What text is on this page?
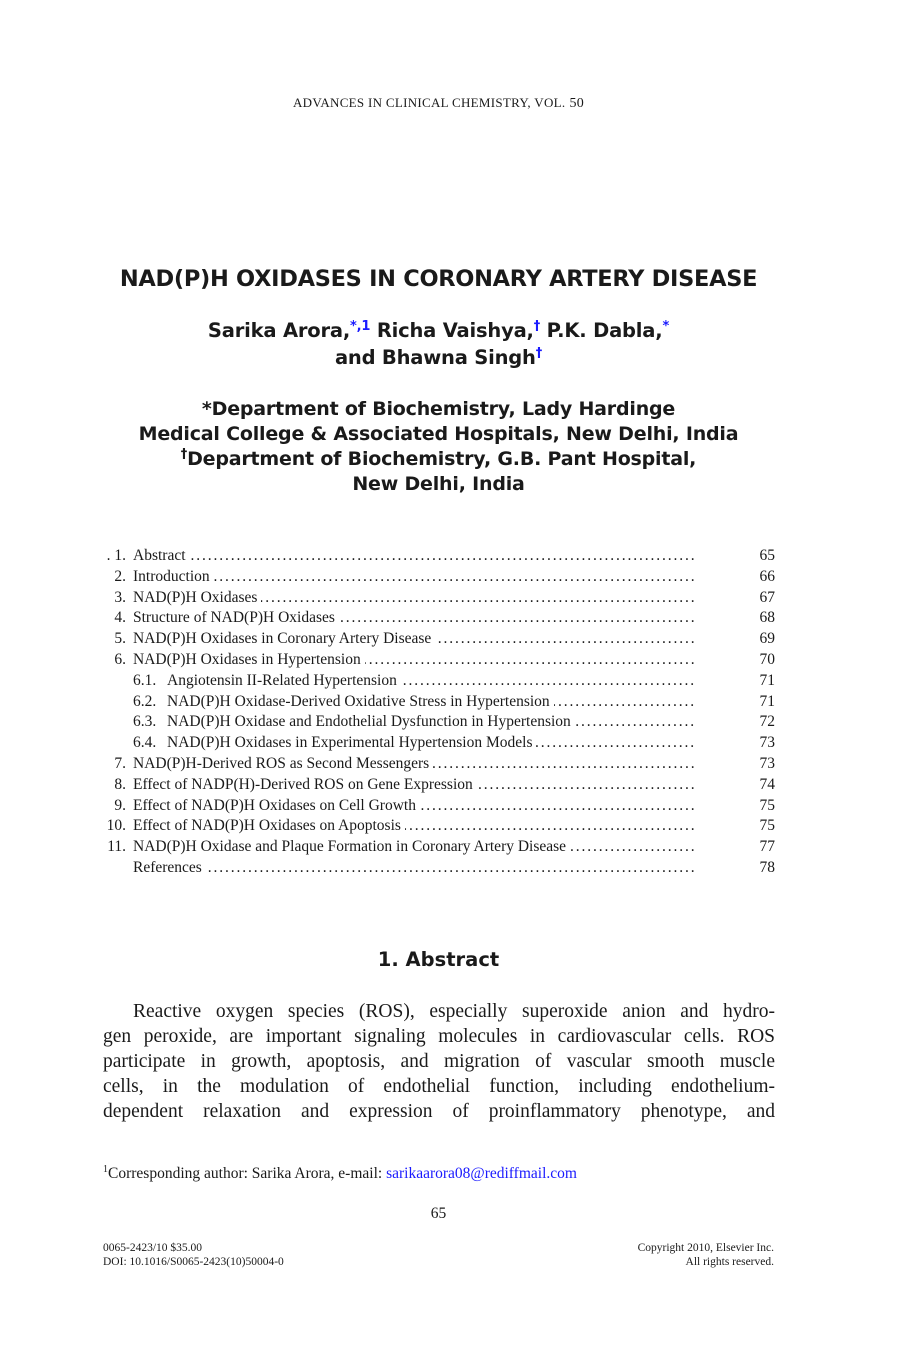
ADVANCES IN CLINICAL CHEMISTRY, VOL. 50
NAD(P)H OXIDASES IN CORONARY ARTERY DISEASE
Sarika Arora,$^{*,1}$ Richa Vaishya,† P.K. Dabla,*
and Bhawna Singh†
*Department of Biochemistry, Lady Hardinge
Medical College & Associated Hospitals, New Delhi, India
†Department of Biochemistry, G.B. Pant Hospital,
New Delhi, India
. 1. Abstract . . .	65
2. Introduction . . .	66
3. NAD(P)H Oxidases . . .	67
4. Structure of NAD(P)H Oxidases . . .	68
5. NAD(P)H Oxidases in Coronary Artery Disease . . .	69
6. NAD(P)H Oxidases in Hypertension . . .	70
6.1. Angiotensin II-Related Hypertension . . .	71
6.2. NAD(P)H Oxidase-Derived Oxidative Stress in Hypertension . . .	71
6.3. NAD(P)H Oxidase and Endothelial Dysfunction in Hypertension . . .	72
6.4. NAD(P)H Oxidases in Experimental Hypertension Models . . .	73
7. NAD(P)H-Derived ROS as Second Messengers . . .	73
8. Effect of NADP(H)-Derived ROS on Gene Expression . . .	74
9. Effect of NAD(P)H Oxidases on Cell Growth . . .	75
10. Effect of NAD(P)H Oxidases on Apoptosis . . .	75
11. NAD(P)H Oxidase and Plaque Formation in Coronary Artery Disease . . .	77
References . . .	78
1. Abstract
Reactive oxygen species (ROS), especially superoxide anion and hydro-
gen peroxide, are important signaling molecules in cardiovascular cells. ROS
participate in growth, apoptosis, and migration of vascular smooth muscle
cells, in the modulation of endothelial function, including endothelium-
dependent relaxation and expression of proinflammatory phenotype, and
$^1$Corresponding author: Sarika Arora, e-mail: sarikaarora08@rediffmail.com
65
0065-2423/10 $35.00
DOI: 10.1016/S0065-2423(10)50004-0
Copyright 2010, Elsevier Inc.
All rights reserved.
